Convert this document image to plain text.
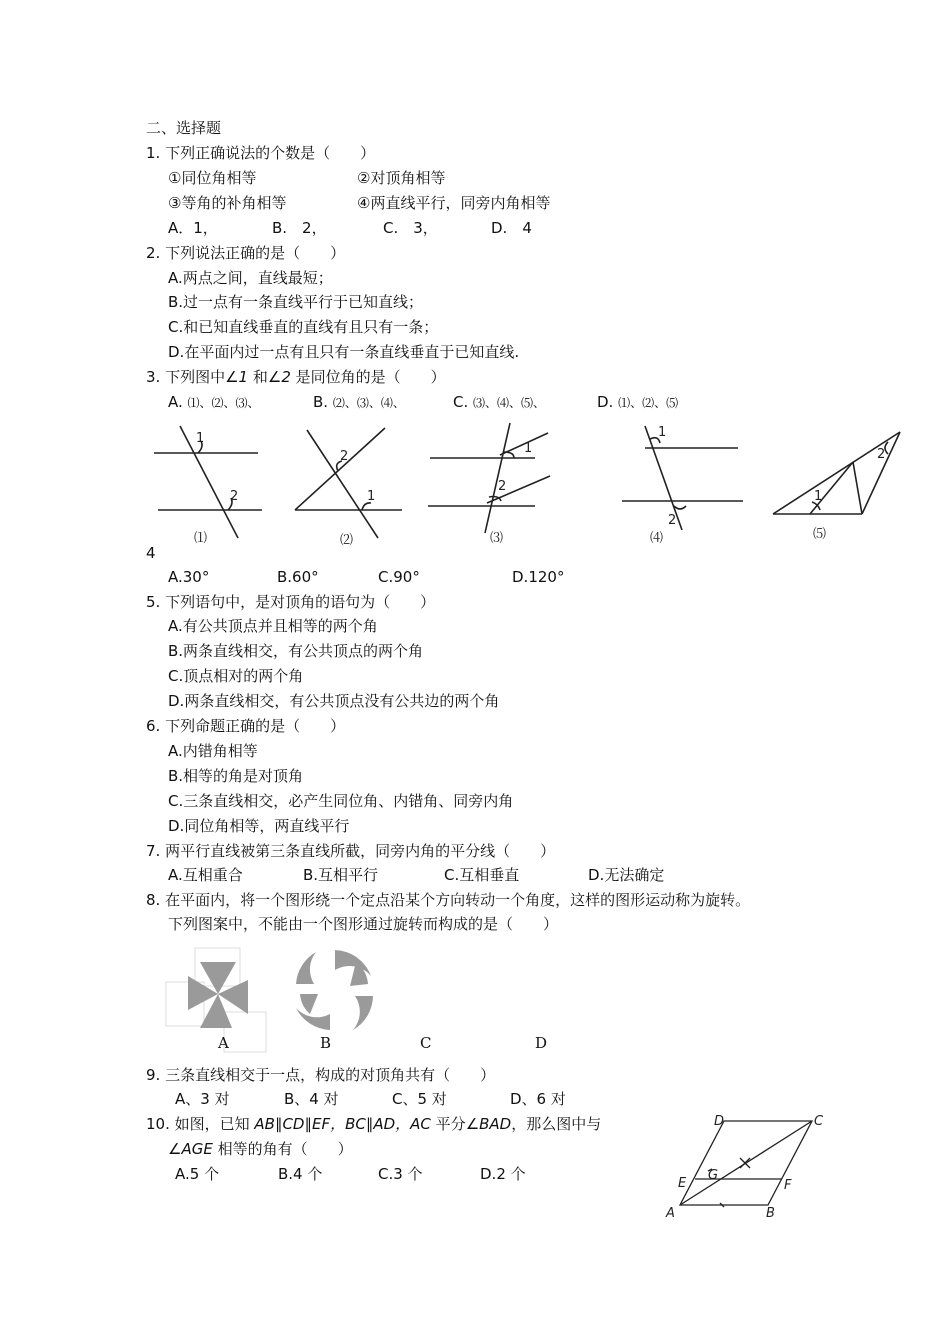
二、选择题
1. 下列正确说法的个数是（　　）
①同位角相等	②对顶角相等
③等角的补角相等	④两直线平行，同旁内角相等
A．1，	B.　2，	C.　3，	D.　4
2. 下列说法正确的是（　　）
A.两点之间，直线最短；
B.过一点有一条直线平行于已知直线；
C.和已知直线垂直的直线有且只有一条；
D.在平面内过一点有且只有一条直线垂直于已知直线.
3. 下列图中∠1 和∠2 是同位角的是（　　）
A. ⑴、⑵、⑶、	B. ⑵、⑶、⑷、	C. ⑶、⑷、⑸、	D. ⑴、⑵、⑸
1
2
2
1
1
2
1
2
1
2
⑴	⑵	⑶	⑷	⑸
4
A.30°	B.60°	C.90°	D.120°
5. 下列语句中，是对顶角的语句为（　　）
A.有公共顶点并且相等的两个角
B.两条直线相交，有公共顶点的两个角
C.顶点相对的两个角
D.两条直线相交，有公共顶点没有公共边的两个角
6. 下列命题正确的是（　　）
A.内错角相等
B.相等的角是对顶角
C.三条直线相交，必产生同位角、内错角、同旁内角
D.同位角相等，两直线平行
7. 两平行直线被第三条直线所截，同旁内角的平分线（　　）
A.互相重合	B.互相平行	C.互相垂直	D.无法确定
8. 在平面内，将一个图形绕一个定点沿某个方向转动一个角度，这样的图形运动称为旋转。
下列图案中，不能由一个图形通过旋转而构成的是（　　）
A	B	C	D
9. 三条直线相交于一点，构成的对顶角共有（　　）
A、3 对	B、4 对	C、5 对	D、6 对
10. 如图，已知 AB∥CD∥EF，BC∥AD，AC 平分∠BAD，那么图中与
∠AGE 相等的角有（　　）
A.5 个	B.4 个	C.3 个	D.2 个
A	B
C
D
E	F
G
